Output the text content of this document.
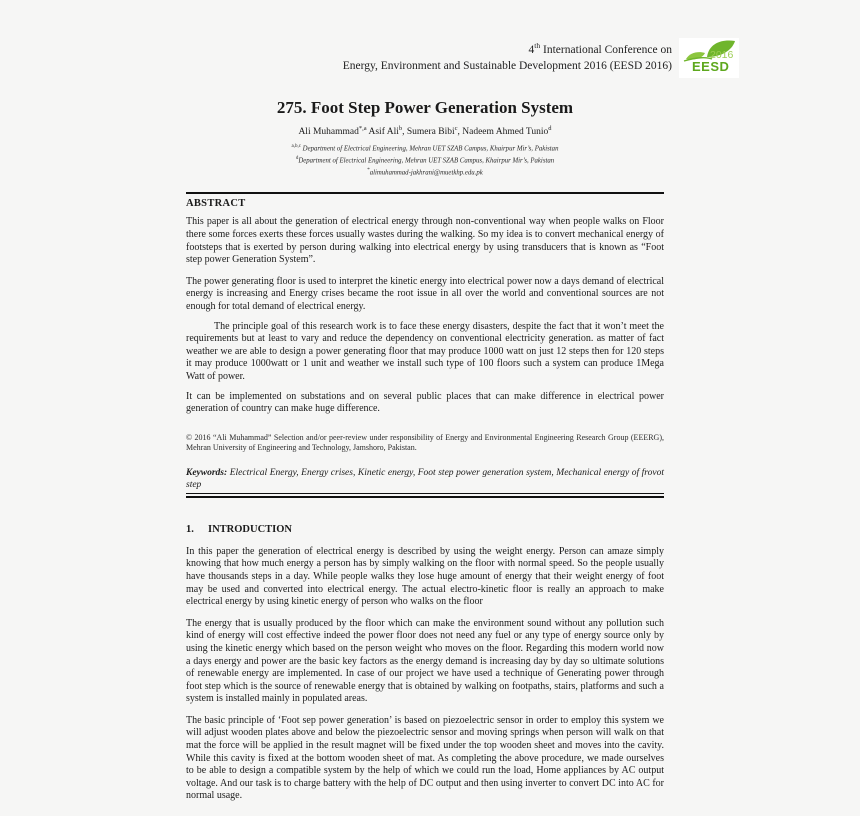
4th International Conference on
Energy, Environment and Sustainable Development 2016 (EESD 2016)
2016
EESD
275. Foot Step Power Generation System
Ali Muhammad$^{*,a}$ Asif Ali$^b$, Sumera Bibi$^c$, Nadeem Ahmed Tunio$^d$
$^{a,b,c}$ Department of Electrical Engineering, Mehran UET SZAB Campus, Khairpur Mir’s, Pakistan
$^d$Department of Electrical Engineering, Mehran UET SZAB Campus, Khairpur Mir’s, Pakistan
*alimuhammad-jakhrani@muetkhp.edu.pk
ABSTRACT
This paper is all about the generation of electrical energy through non-conventional way when people walks on Floor there some forces exerts these forces usually wastes during the walking. So my idea is to convert mechanical energy of footsteps that is exerted by person during walking into electrical energy by using transducers that is known as “Foot step power Generation System”.
The power generating floor is used to interpret the kinetic energy into electrical power now a days demand of electrical energy is increasing and Energy crises became the root issue in all over the world and conventional sources are not enough for total demand of electrical energy.
The principle goal of this research work is to face these energy disasters, despite the fact that it won’t meet the requirements but at least to vary and reduce the dependency on conventional electricity generation. as matter of fact weather we are able to design a power generating floor that may produce 1000 watt on just 12 steps then for 120 steps it may produce 1000watt or 1 unit and weather we install such type of 100 floors such a system can produce 1Mega Watt of power.
It can be implemented on substations and on several public places that can make difference in electrical power generation of country can make huge difference.
© 2016 “Ali Muhammad” Selection and/or peer-review under responsibility of Energy and Environmental Engineering Research Group (EEERG), Mehran University of Engineering and Technology, Jamshoro, Pakistan.
Keywords: Electrical Energy, Energy crises, Kinetic energy, Foot step power generation system, Mechanical energy of frovot step
1. INTRODUCTION
In this paper the generation of electrical energy is described by using the weight energy. Person can amaze simply knowing that how much energy a person has by simply walking on the floor with normal speed. So the people usually have thousands steps in a day. While people walks they lose huge amount of energy that their weight energy of foot may be used and converted into electrical energy. The actual electro-kinetic floor is really an approach to make electrical energy by using kinetic energy of person who walks on the floor
The energy that is usually produced by the floor which can make the environment sound without any pollution such kind of energy will cost effective indeed the power floor does not need any fuel or any type of energy source only by using the kinetic energy which based on the person weight who moves on the floor. Regarding this modern world now a days energy and power are the basic key factors as the energy demand is increasing day by day so ultimate solutions of renewable energy are implemented. In case of our project we have used a technique of Generating power through foot step which is the source of renewable energy that is obtained by walking on footpaths, stairs, platforms and such a system is installed mainly in populated areas.
The basic principle of ‘Foot sep power generation’ is based on piezoelectric sensor in order to employ this system we will adjust wooden plates above and below the piezoelectric sensor and moving springs when person will walk on that mat the force will be applied in the result magnet will be fixed under the top wooden sheet and moves into the cavity. While this cavity is fixed at the bottom wooden sheet of mat. As completing the above procedure, we made ourselves to be able to design a compatible system by the help of which we could run the load, Home appliances by AC output voltage. And our task is to charge battery with the help of DC output and then using inverter to convert DC into AC for normal usage.
